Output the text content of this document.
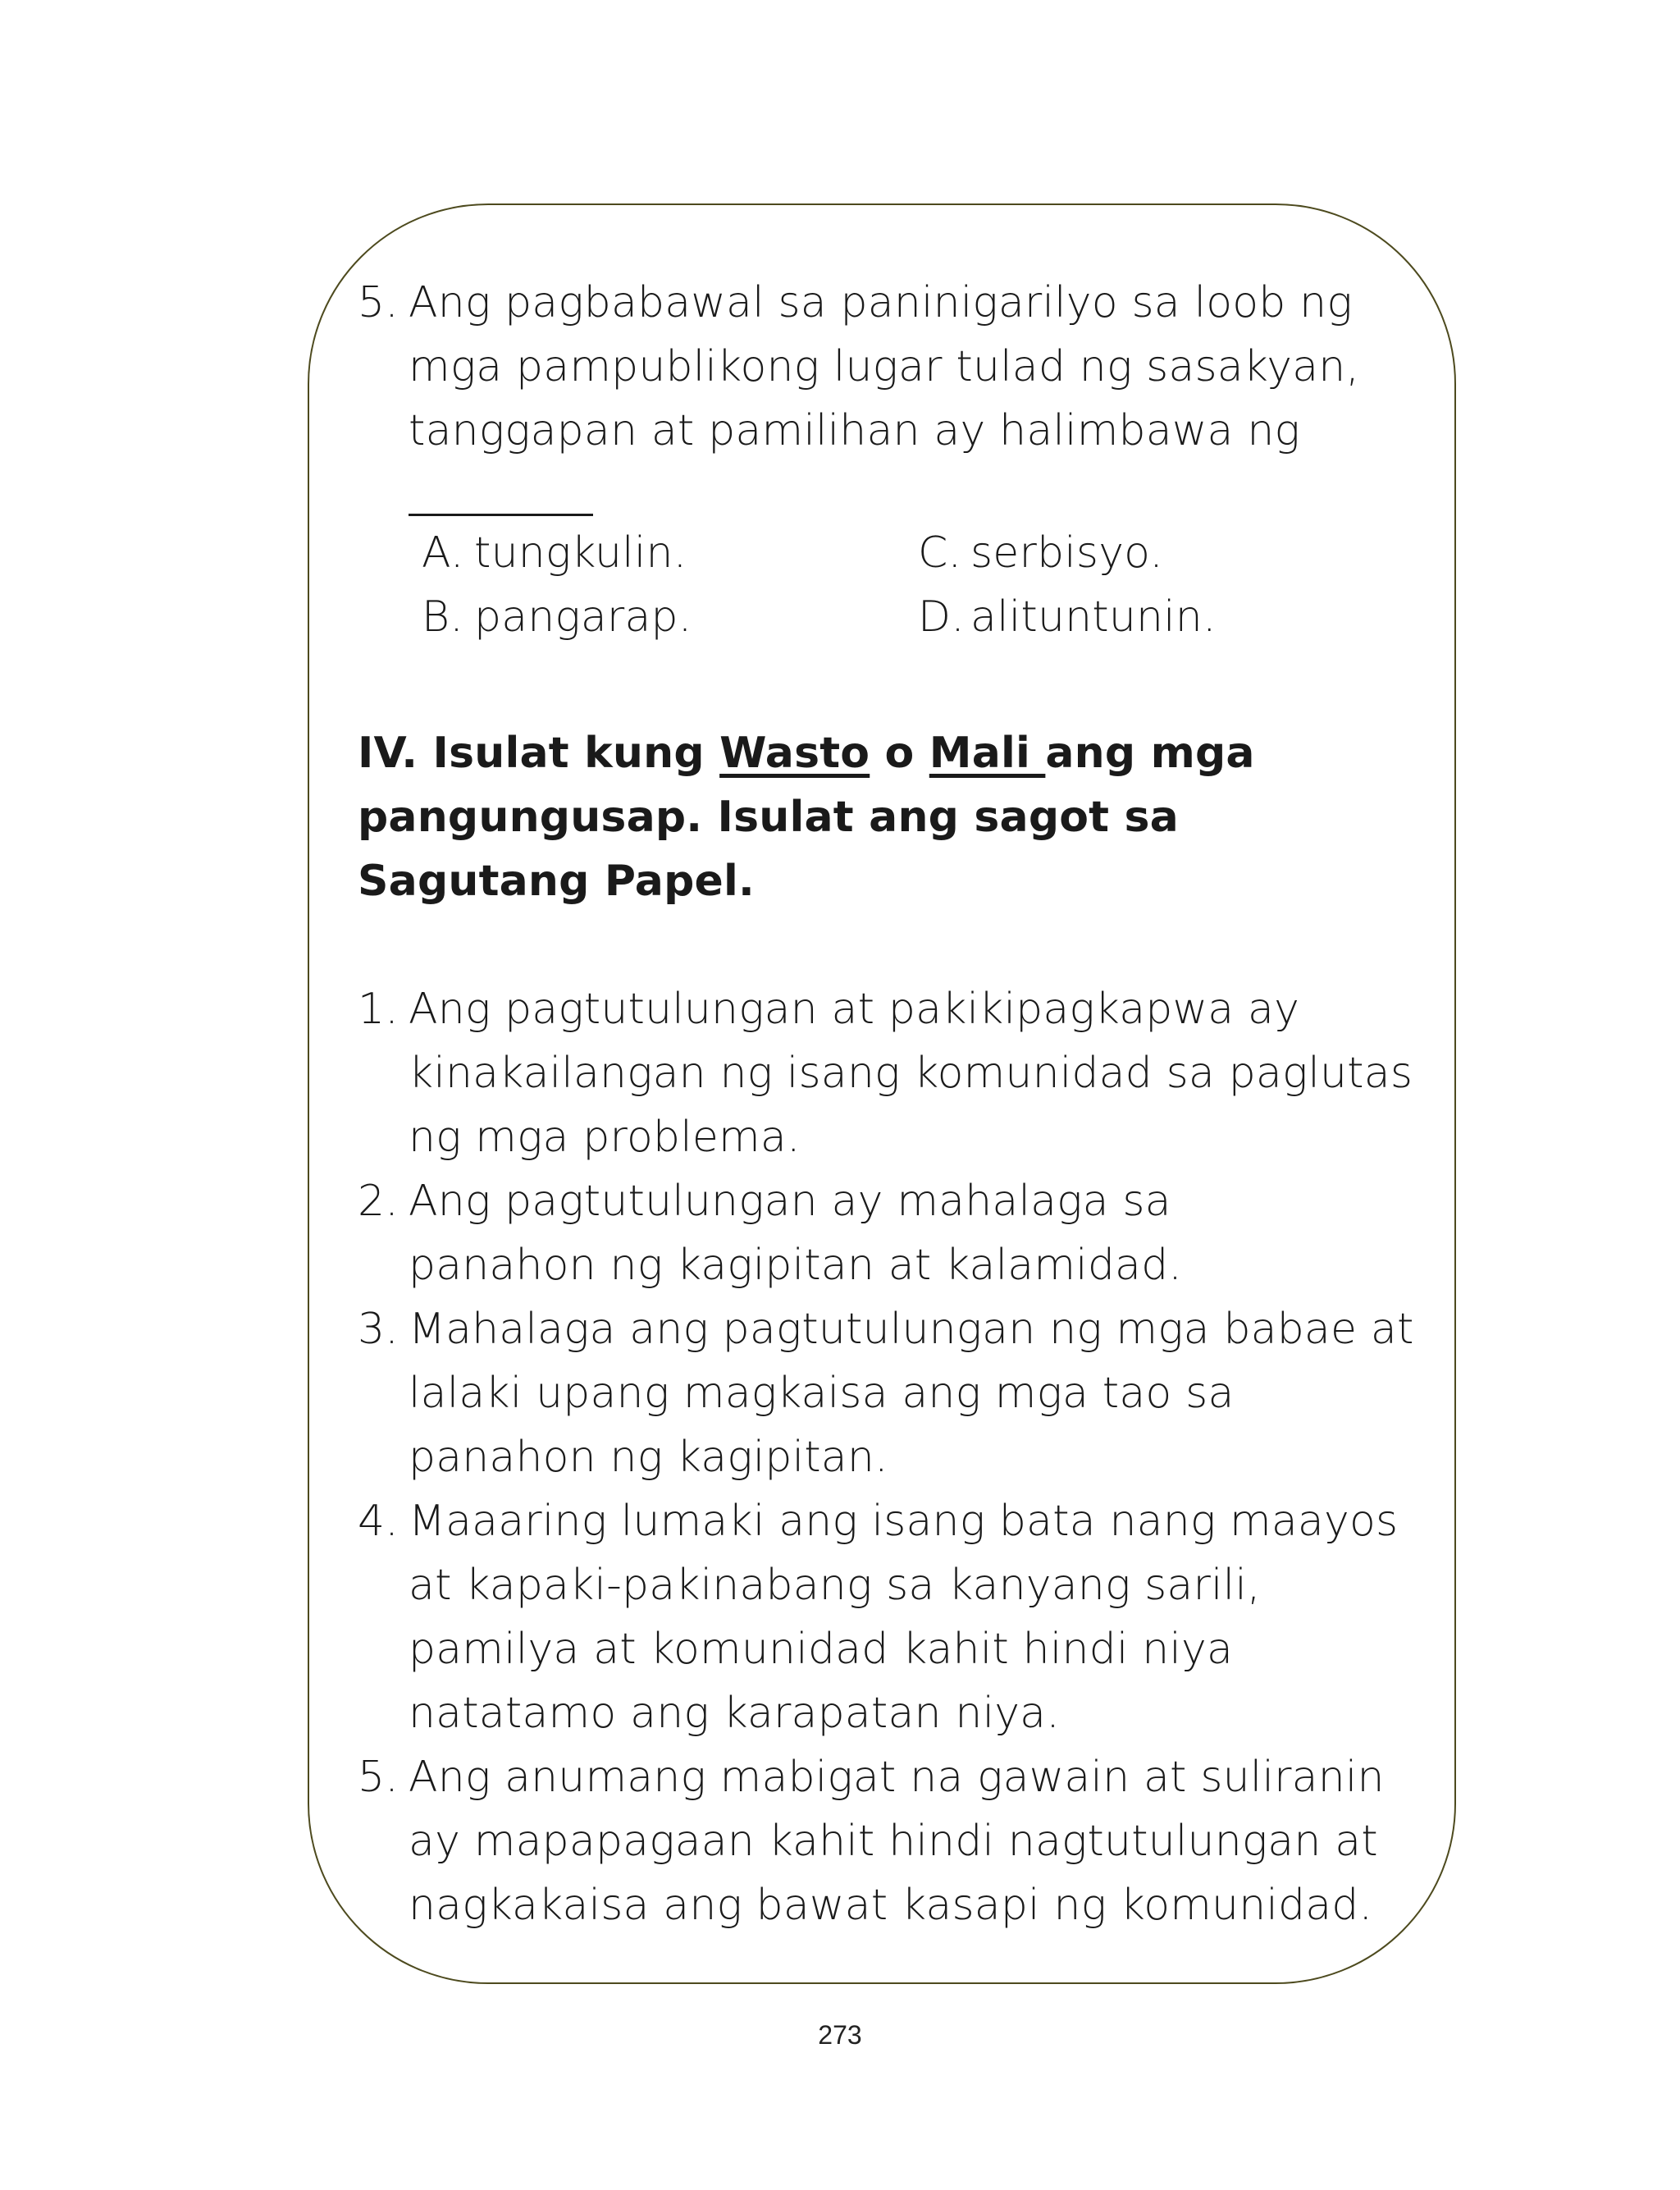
5. Ang pagbabawal sa paninigarilyo sa loob ng mga pampublikong lugar tulad ng sasakyan, tanggapan at pamilihan ay halimbawa ng
A. tungkulin.	C. serbisyo.
B. pangarap.	D. alituntunin.
IV. Isulat kung Wasto o Mali ang mga pangungusap. Isulat ang sagot sa Sagutang Papel.
1. Ang pagtutulungan at pakikipagkapwa ay kinakailangan ng isang komunidad sa paglutas ng mga problema.
2. Ang pagtutulungan ay mahalaga sa panahon ng kagipitan at kalamidad.
3. Mahalaga ang pagtutulungan ng mga babae at lalaki upang magkaisa ang mga tao sa panahon ng kagipitan.
4. Maaaring lumaki ang isang bata nang maayos at kapaki-pakinabang sa kanyang sarili, pamilya at komunidad kahit hindi niya natatamo ang karapatan niya.
5. Ang anumang mabigat na gawain at suliranin ay mapapagaan kahit hindi nagtutulungan at nagkakaisa ang bawat kasapi ng komunidad.
273
